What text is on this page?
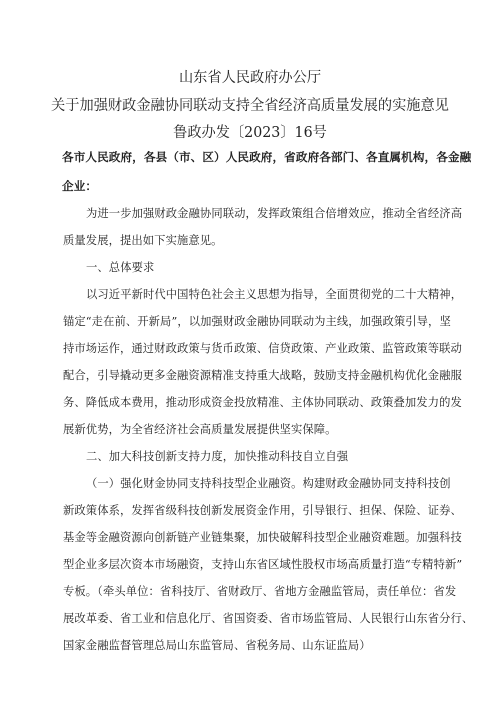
山东省人民政府办公厅
关于加强财政金融协同联动支持全省经济高质量发展的实施意见
鲁政办发〔2023〕16号
各市人民政府，各县（市、区）人民政府，省政府各部门、各直属机构，各金融
企业：
为进一步加强财政金融协同联动，发挥政策组合倍增效应，推动全省经济高
质量发展，提出如下实施意见。
一、总体要求
以习近平新时代中国特色社会主义思想为指导，全面贯彻党的二十大精神，
锚定“走在前、开新局”，以加强财政金融协同联动为主线，加强政策引导，坚
持市场运作，通过财政政策与货币政策、信贷政策、产业政策、监管政策等联动
配合，引导撬动更多金融资源精准支持重大战略，鼓励支持金融机构优化金融服
务、降低成本费用，推动形成资金投放精准、主体协同联动、政策叠加发力的发
展新优势，为全省经济社会高质量发展提供坚实保障。
二、加大科技创新支持力度，加快推动科技自立自强
（一）强化财金协同支持科技型企业融资。构建财政金融协同支持科技创
新政策体系，发挥省级科技创新发展资金作用，引导银行、担保、保险、证券、
基金等金融资源向创新链产业链集聚，加快破解科技型企业融资难题。加强科技
型企业多层次资本市场融资，支持山东省区域性股权市场高质量打造“专精特新”
专板。（牵头单位：省科技厅、省财政厅、省地方金融监管局，责任单位：省发
展改革委、省工业和信息化厅、省国资委、省市场监管局、人民银行山东省分行、
国家金融监督管理总局山东监管局、省税务局、山东证监局）
